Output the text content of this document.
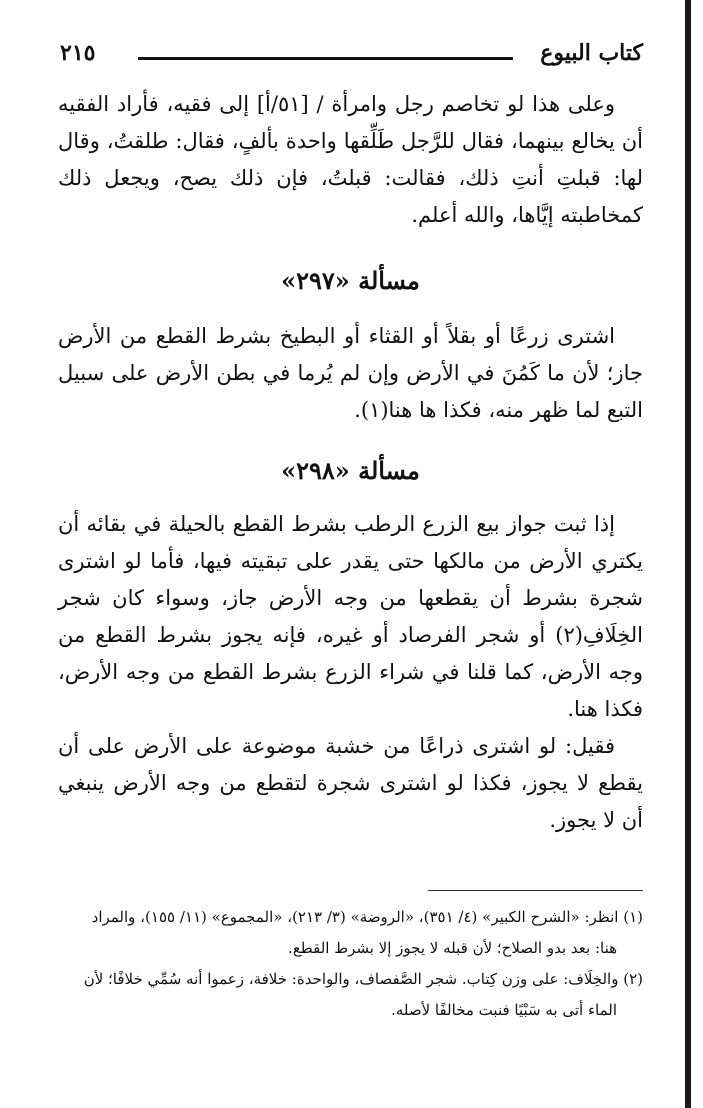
كتاب البيوع
٢١٥
وعلى هذا لو تخاصم رجل وامرأة / [٥١/أ] إلى فقيه، فأراد الفقيه أن يخالع بينهما، فقال للرَّجل طَلِّقها واحدة بألفٍ، فقال: طلقتُ، وقال لها: قبلتِ أنتِ ذلك، فقالت: قبلتُ، فإن ذلك يصح، ويجعل ذلك كمخاطبته إيَّاها، والله أعلم.
مسألة «٢٩٧»
اشترى زرعًا أو بقلاً أو القثاء أو البطيخ بشرط القطع من الأرض جاز؛ لأن ما كَمُنَ في الأرض وإن لم يُرما في بطن الأرض على سبيل التبع لما ظهر منه، فكذا ها هنا(١).
مسألة «٢٩٨»
إذا ثبت جواز بيع الزرع الرطب بشرط القطع بالحيلة في بقائه أن يكتري الأرض من مالكها حتى يقدر على تبقيته فيها، فأما لو اشترى شجرة بشرط أن يقطعها من وجه الأرض جاز، وسواء كان شجر الخِلَافِ(٢) أو شجر الفرصاد أو غيره، فإنه يجوز بشرط القطع من وجه الأرض، كما قلنا في شراء الزرع بشرط القطع من وجه الأرض، فكذا هنا.
فقيل: لو اشترى ذراعًا من خشبة موضوعة على الأرض على أن يقطع لا يجوز، فكذا لو اشترى شجرة لتقطع من وجه الأرض ينبغي أن لا يجوز.

(١) انظر: «الشرح الكبير» (٤/ ٣٥١)، «الروضة» (٣/ ٢١٣)، «المجموع» (١١/ ١٥٥)، والمراد

هنا: بعد بدو الصلاح؛ لأن قبله لا يجوز إلا بشرط القطع.

(٢) والخِلَاف: على وزن كِتاب. شجر الصَّفصاف، والواحدة: خلافة، زعموا أنه سُمِّي خلافًا؛ لأن

الماء أتى به سَبْيًا فنبت مخالفًا لأصله.
